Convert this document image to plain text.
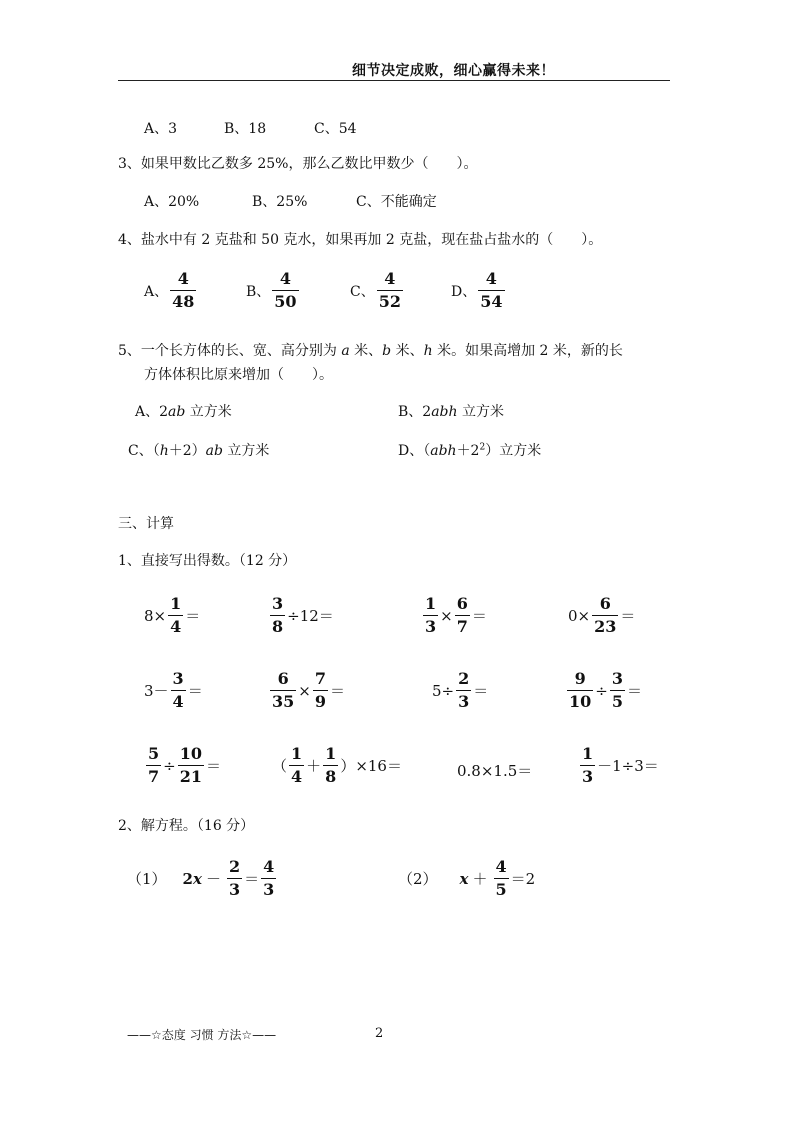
细节决定成败，细心赢得未来！
A、3	B、18	C、54
3、如果甲数比乙数多 25%，那么乙数比甲数少（　　）。
A、20%	B、25%	C、不能确定
4、盐水中有 2 克盐和 50 克水，如果再加 2 克盐，现在盐占盐水的（　　）。
A、 $\frac{4}{48}$	B、 $\frac{4}{50}$	C、 $\frac{4}{52}$	D、 $\frac{4}{54}$
5、一个长方体的长、宽、高分别为 a 米、b 米、h 米。如果高增加 2 米，新的长
方体体积比原来增加（　　）。
A、2ab 立方米	B、2abh 立方米
C、（h＋2）ab 立方米	D、$(abh+2^2)$立方米
三、计算
1、直接写出得数。（12 分）
$8\times \frac{1}{4}$ ＝	$\frac{3}{8} \div 12=$	$\frac{1}{3} \times \frac{6}{7}$ ＝	$0\times \frac{6}{23}$ ＝
$3- \frac{3}{4}$ ＝	$\frac{6}{35} \times \frac{7}{9}$ ＝	$5\div \frac{2}{3}$ ＝	$\frac{9}{10} \div \frac{3}{5}$ ＝
$\frac{5}{7} \div \frac{10}{21}$ ＝	（ $\frac{1}{4} + \frac{1}{8} )\times 16=$	0.8×1.5＝	$\frac{1}{3} -1\div 3=$
2、解方程。（16 分）
（1） 2 $x - \frac{2}{3} = \frac{4}{3}$	（2） $x + \frac{4}{5} =2$
——☆态度 习惯 方法☆——	2
